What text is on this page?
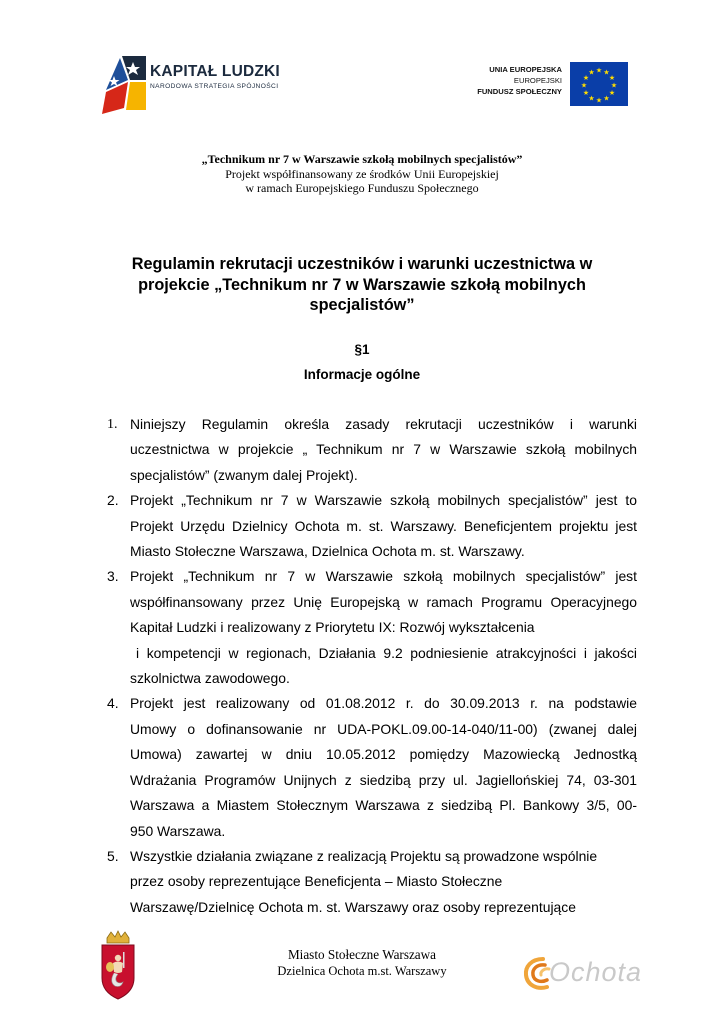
KAPITAŁ LUDZKI
NARODOWA STRATEGIA SPÓJNOŚCI
UNIA EUROPEJSKA
EUROPEJSKI
FUNDUSZ SPOŁECZNY
★ ★
★
★
★
★
★
★
★
★
★
★
„Technikum nr 7 w Warszawie szkołą mobilnych specjalistów”
Projekt współfinansowany ze środków Unii Europejskiej
w ramach Europejskiego Funduszu Społecznego
Regulamin rekrutacji uczestników i warunki uczestnictwa w projekcie „Technikum nr 7 w Warszawie szkołą mobilnych specjalistów”
§1
Informacje ogólne
1. Niniejszy Regulamin określa zasady rekrutacji uczestników i warunki
uczestnictwa w projekcie „ Technikum nr 7 w Warszawie szkołą mobilnych
specjalistów” (zwanym dalej Projekt).
2. Projekt „Technikum nr 7 w Warszawie szkołą mobilnych specjalistów” jest to
Projekt Urzędu Dzielnicy Ochota m. st. Warszawy. Beneficjentem projektu jest
Miasto Stołeczne Warszawa, Dzielnica Ochota m. st. Warszawy.
3. Projekt „Technikum nr 7 w Warszawie szkołą mobilnych specjalistów” jest
współfinansowany przez Unię Europejską w ramach Programu Operacyjnego
Kapitał Ludzki i realizowany z Priorytetu IX: Rozwój wykształcenia
i kompetencji w regionach, Działania 9.2 podniesienie atrakcyjności i jakości
szkolnictwa zawodowego.
4. Projekt jest realizowany od 01.08.2012 r. do 30.09.2013 r. na podstawie
Umowy o dofinansowanie nr UDA-POKL.09.00-14-040/11-00) (zwanej dalej
Umowa) zawartej w dniu 10.05.2012 pomiędzy Mazowiecką Jednostką
Wdrażania Programów Unijnych z siedzibą przy ul. Jagiellońskiej 74, 03-301
Warszawa a Miastem Stołecznym Warszawa z siedzibą Pl. Bankowy 3/5, 00-
950 Warszawa.
5. Wszystkie działania związane z realizacją Projektu są prowadzone wspólnie
przez osoby reprezentujące Beneficjenta – Miasto Stołeczne
Warszawę/Dzielnicę Ochota m. st. Warszawy oraz osoby reprezentujące
Miasto Stołeczne Warszawa
Dzielnica Ochota m.st. Warszawy	Ochota
